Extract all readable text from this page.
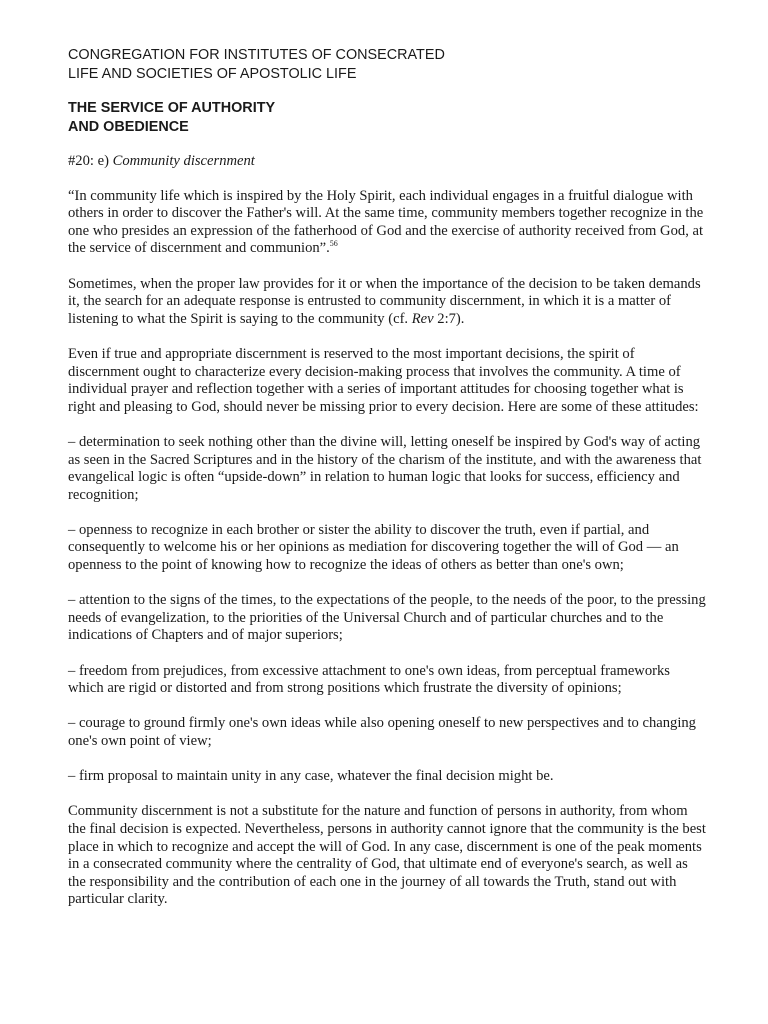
CONGREGATION FOR INSTITUTES OF CONSECRATED
LIFE AND SOCIETIES OF APOSTOLIC LIFE
THE SERVICE OF AUTHORITY
AND OBEDIENCE
#20: e) Community discernment

“In community life which is inspired by the Holy Spirit, each individual engages in a fruitful dialogue with others in order to discover the Father's will. At the same time, community members together recognize in the one who presides an expression of the fatherhood of God and the exercise of authority received from God, at the service of discernment and communion”.$^{56}$

Sometimes, when the proper law provides for it or when the importance of the decision to be taken demands it, the search for an adequate response is entrusted to community discernment, in which it is a matter of listening to what the Spirit is saying to the community (cf. Rev 2:7).

Even if true and appropriate discernment is reserved to the most important decisions, the spirit of discernment ought to characterize every decision-making process that involves the community. A time of individual prayer and reflection together with a series of important attitudes for choosing together what is right and pleasing to God, should never be missing prior to every decision. Here are some of these attitudes:

– determination to seek nothing other than the divine will, letting oneself be inspired by God's way of acting as seen in the Sacred Scriptures and in the history of the charism of the institute, and with the awareness that evangelical logic is often “upside-down” in relation to human logic that looks for success, efficiency and recognition;

– openness to recognize in each brother or sister the ability to discover the truth, even if partial, and consequently to welcome his or her opinions as mediation for discovering together the will of God — an openness to the point of knowing how to recognize the ideas of others as better than one's own;

– attention to the signs of the times, to the expectations of the people, to the needs of the poor, to the pressing needs of evangelization, to the priorities of the Universal Church and of particular churches and to the indications of Chapters and of major superiors;

– freedom from prejudices, from excessive attachment to one's own ideas, from perceptual frameworks which are rigid or distorted and from strong positions which frustrate the diversity of opinions;

– courage to ground firmly one's own ideas while also opening oneself to new perspectives and to changing one's own point of view;

– firm proposal to maintain unity in any case, whatever the final decision might be.

Community discernment is not a substitute for the nature and function of persons in authority, from whom the final decision is expected. Nevertheless, persons in authority cannot ignore that the community is the best place in which to recognize and accept the will of God. In any case, discernment is one of the peak moments in a consecrated community where the centrality of God, that ultimate end of everyone's search, as well as the responsibility and the contribution of each one in the journey of all towards the Truth, stand out with particular clarity.
